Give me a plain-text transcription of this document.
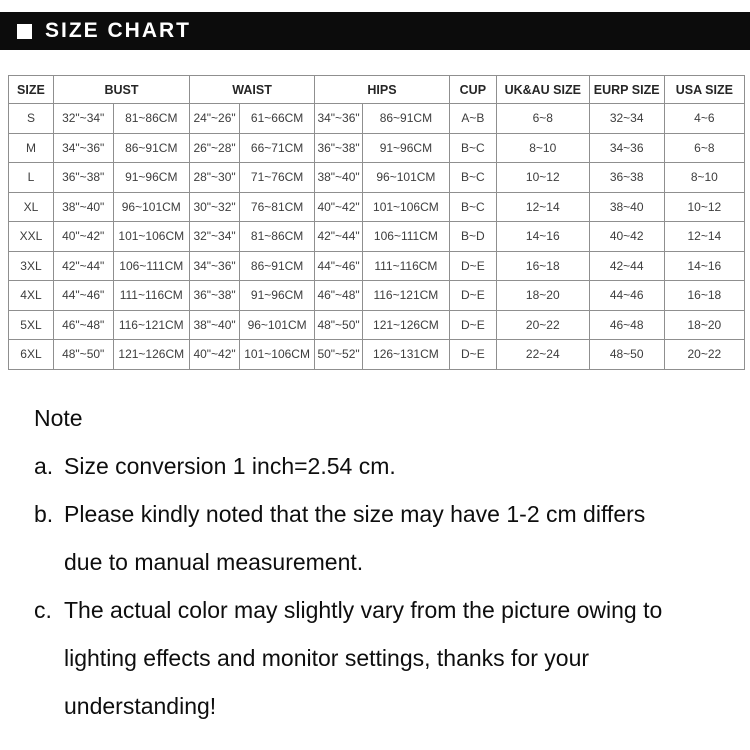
SIZE CHART
SIZE	BUST		WAIST		HIPS		CUP	UK&AU SIZE	EURP SIZE	USA SIZE
S	32"~34"	81~86CM	24"~26"	61~66CM	34"~36"	86~91CM	A~B	6~8	32~34	4~6
M	34"~36"	86~91CM	26"~28"	66~71CM	36"~38"	91~96CM	B~C	8~10	34~36	6~8
L	36"~38"	91~96CM	28"~30"	71~76CM	38"~40"	96~101CM	B~C	10~12	36~38	8~10
XL	38"~40"	96~101CM	30"~32"	76~81CM	40"~42"	101~106CM	B~C	12~14	38~40	10~12
XXL	40"~42"	101~106CM	32"~34"	81~86CM	42"~44"	106~111CM	B~D	14~16	40~42	12~14
3XL	42"~44"	106~111CM	34"~36"	86~91CM	44"~46"	111~116CM	D~E	16~18	42~44	14~16
4XL	44"~46"	111~116CM	36"~38"	91~96CM	46"~48"	116~121CM	D~E	18~20	44~46	16~18
5XL	46"~48"	116~121CM	38"~40"	96~101CM	48"~50"	121~126CM	D~E	20~22	46~48	18~20
6XL	48"~50"	121~126CM	40"~42"	101~106CM	50"~52"	126~131CM	D~E	22~24	48~50	20~22
Note
a. Size conversion 1 inch=2.54 cm.
b. Please kindly noted that the size may have 1-2 cm differs
due to manual measurement.
c. The actual color may slightly vary from the picture owing to
lighting effects and monitor settings, thanks for your
understanding!
